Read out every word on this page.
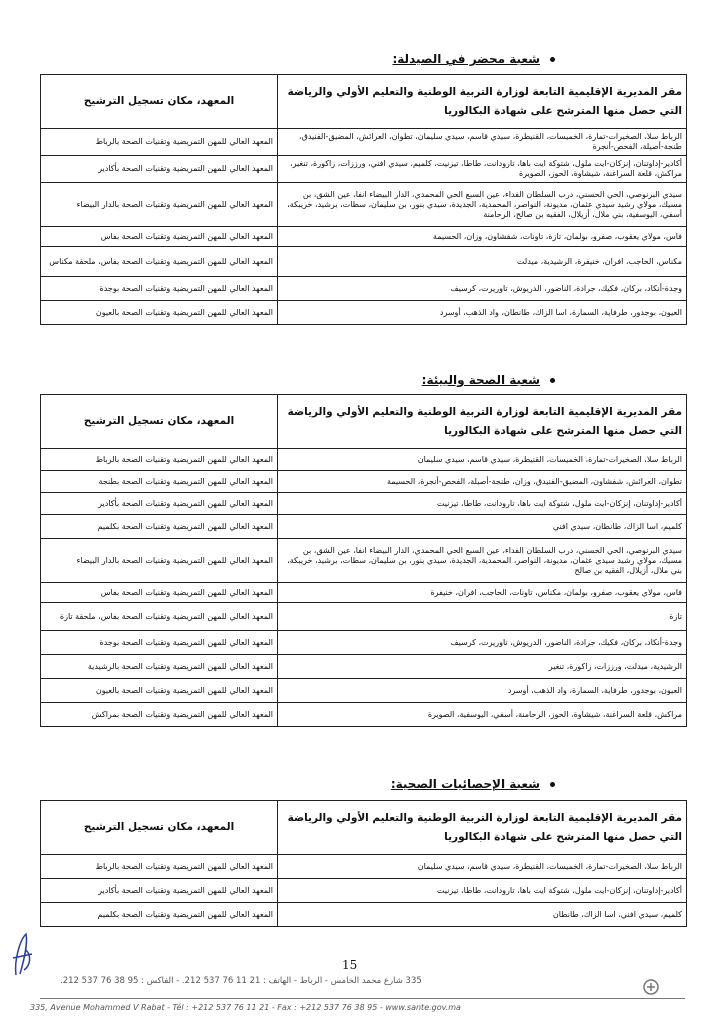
شعبة محضر في الصيدلة:
مقر المديرية الإقليمية التابعة لوزارة التربية الوطنية والتعليم الأولي والرياضة التي حصل منها المترشح على شهادة البكالوريا	المعهد، مكان تسجيل الترشيح
الرباط سلا، الصخيرات-تمارة، الخميسات، القنيطرة، سيدي قاسم، سيدي سليمان، تطوان، العرائش، المضيق-الفنيدق، طنجة-أصيلة، الفحص-أنجرة	المعهد العالي للمهن التمريضية وتقنيات الصحة بالرباط
أكادير-إداوتنان، إنزكان-ايت ملول، شتوكة ايت باها، تارودانت، طاطا، تيزنيت، كلميم، سيدي افني، ورززات، زاكورة، تنغير، مراكش، قلعة السراغنة، شيشاوة، الحوز، الصويرة	المعهد العالي للمهن التمريضية وتقنيات الصحة بأكادير
سيدي البرنوصي، الحي الحسني، درب السلطان الفداء، عين السبع الحي المحمدي، الدار البيضاء انفا، عين الشق، بن مسيك، مولاي رشيد سيدي عثمان، مديونة، النواصر، المحمدية، الجديدة، سيدي بنور، بن سليمان، سطات، برشيد، خريبكة، أسفي، اليوسفية، بني ملال، أزيلال، الفقيه بن صالح، الرحامنة	المعهد العالي للمهن التمريضية وتقنيات الصحة بالدار البيضاء
فاس، مولاي يعقوب، صفرو، بولمان، تازة، تاونات، شفشاون، وزان، الحسيمة	المعهد العالي للمهن التمريضية وتقنيات الصحة بفاس
مكناس، الحاجب، افران، خنيفرة، الرشيدية، ميدلت	المعهد العالي للمهن التمريضية وتقنيات الصحة بفاس، ملحقة مكناس
وجدة-أنكاد، بركان، فكيك، جرادة، الناضور، الدريوش، تاوريرت، كرسيف	المعهد العالي للمهن التمريضية وتقنيات الصحة بوجدة
العيون، بوجدور، طرفاية، السمارة، اسا الزاك، طانطان، واد الذهب، أوسرد	المعهد العالي للمهن التمريضية وتقنيات الصحة بالعيون
شعبة الصحة والبيئة:
مقر المديرية الإقليمية التابعة لوزارة التربية الوطنية والتعليم الأولي والرياضة التي حصل منها المترشح على شهادة البكالوريا	المعهد، مكان تسجيل الترشيح
الرباط سلا، الصخيرات-تمارة، الخميسات، القنيطرة، سيدي قاسم، سيدي سليمان	المعهد العالي للمهن التمريضية وتقنيات الصحة بالرباط
تطوان، العرائش، شفشاون، المضيق-الفنيدق، وزان، طنجة-أصيلة، الفحص-أنجرة، الحسيمة	المعهد العالي للمهن التمريضية وتقنيات الصحة بطنجة
أكادير-إداوتنان، إنزكان-ايت ملول، شتوكة ايت باها، تارودانت، طاطا، تيزنيت	المعهد العالي للمهن التمريضية وتقنيات الصحة بأكادير
كلميم، اسا الزاك، طانطان، سيدي افني	المعهد العالي للمهن التمريضية وتقنيات الصحة بكلميم
سيدي البرنوصي، الحي الحسني، درب السلطان الفداء، عين السبع الحي المحمدي، الدار البيضاء انفا، عين الشق، بن مسيك، مولاي رشيد سيدي عثمان، مديونة، النواصر، المحمدية، الجديدة، سيدي بنور، بن سليمان، سطات، برشيد، خريبكة، بني ملال، أزيلال، الفقيه بن صالح	المعهد العالي للمهن التمريضية وتقنيات الصحة بالدار البيضاء
فاس، مولاي يعقوب، صفرو، بولمان، مكناس، تاونات، الحاجب، افران، خنيفرة	المعهد العالي للمهن التمريضية وتقنيات الصحة بفاس
تازة	المعهد العالي للمهن التمريضية وتقنيات الصحة بفاس، ملحقة تازة
وجدة-أنكاد، بركان، فكيك، جرادة، الناضور، الدريوش، تاوريرت، كرسيف	المعهد العالي للمهن التمريضية وتقنيات الصحة بوجدة
الرشيدية، ميدلت، ورززات، زاكورة، تنغير	المعهد العالي للمهن التمريضية وتقنيات الصحة بالرشيدية
العيون، بوجدور، طرفاية، السمارة، واد الذهب، أوسرد	المعهد العالي للمهن التمريضية وتقنيات الصحة بالعيون
مراكش، قلعة السراغنة، شيشاوة، الحوز، الرحامنة، أسفي، اليوسفية، الصويرة	المعهد العالي للمهن التمريضية وتقنيات الصحة بمراكش
شعبة الإحصائيات الصحية:
مقر المديرية الإقليمية التابعة لوزارة التربية الوطنية والتعليم الأولي والرياضة التي حصل منها المترشح على شهادة البكالوريا	المعهد، مكان تسجيل الترشيح
الرباط سلا، الصخيرات-تمارة، الخميسات، القنيطرة، سيدي قاسم، سيدي سليمان	المعهد العالي للمهن التمريضية وتقنيات الصحة بالرباط
أكادير-إداوتنان، إنزكان-ايت ملول، شتوكة ايت باها، تارودانت، طاطا، تيزنيت	المعهد العالي للمهن التمريضية وتقنيات الصحة بأكادير
كلميم، سيدي افني، اسا الزاك، طانطان	المعهد العالي للمهن التمريضية وتقنيات الصحة بكلميم
15
335 شارع محمد الخامس - الرباط - الهاتف : 21 11 76 537 212. - الفاكس : 95 38 76 537 212.
335, Avenue Mohammed V Rabat - Tél : +212 537 76 11 21 - Fax : +212 537 76 38 95 - www.sante.gov.ma
